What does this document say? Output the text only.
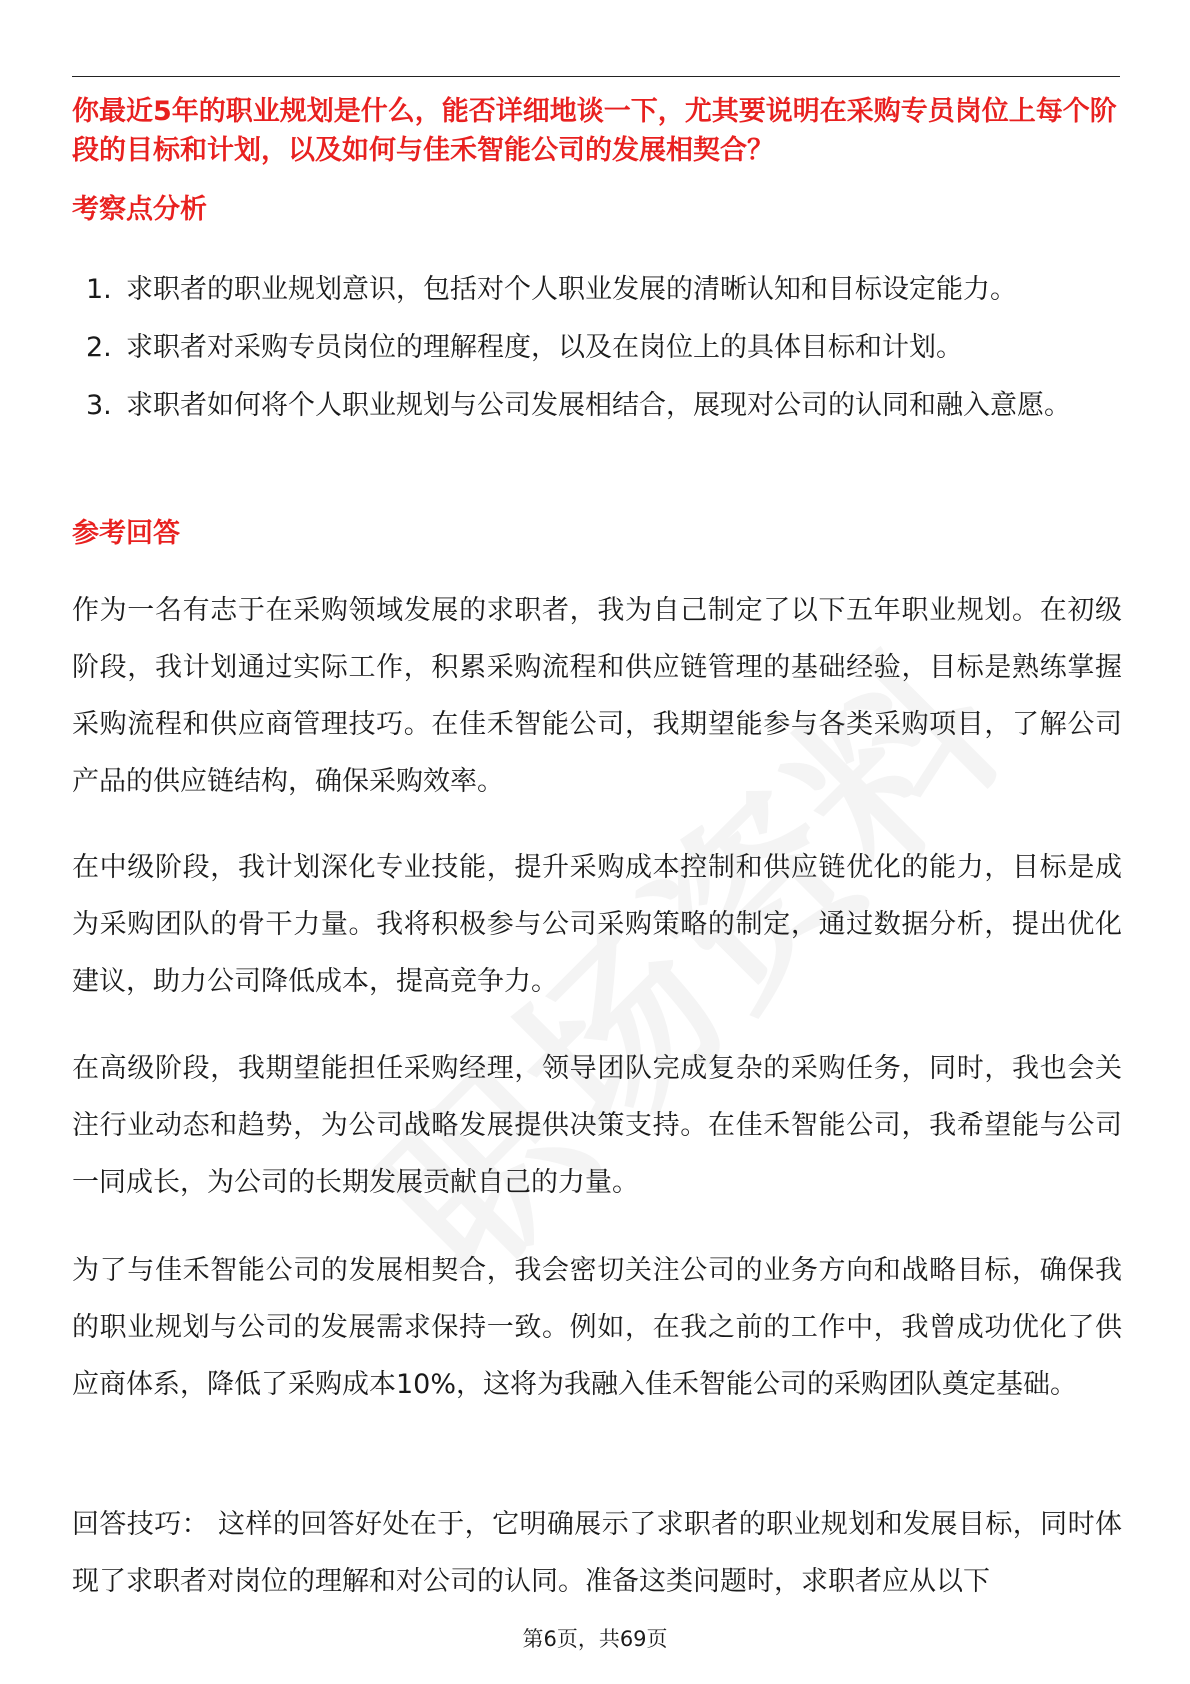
你最近5年的职业规划是什么，能否详细地谈一下，尤其要说明在采购专员岗位上每个阶段的目标和计划，以及如何与佳禾智能公司的发展相契合？

考察点分析
1. 求职者的职业规划意识，包括对个人职业发展的清晰认知和目标设定能力。
2. 求职者对采购专员岗位的理解程度，以及在岗位上的具体目标和计划。
3. 求职者如何将个人职业规划与公司发展相结合，展现对公司的认同和融入意愿。
参考回答

作为一名有志于在采购领域发展的求职者，我为自己制定了以下五年职业规划。在初级阶段，我计划通过实际工作，积累采购流程和供应链管理的基础经验，目标是熟练掌握采购流程和供应商管理技巧。在佳禾智能公司，我期望能参与各类采购项目，了解公司产品的供应链结构，确保采购效率。

在中级阶段，我计划深化专业技能，提升采购成本控制和供应链优化的能力，目标是成为采购团队的骨干力量。我将积极参与公司采购策略的制定，通过数据分析，提出优化建议，助力公司降低成本，提高竞争力。

在高级阶段，我期望能担任采购经理，领导团队完成复杂的采购任务，同时，我也会关注行业动态和趋势，为公司战略发展提供决策支持。在佳禾智能公司，我希望能与公司一同成长，为公司的长期发展贡献自己的力量。

为了与佳禾智能公司的发展相契合，我会密切关注公司的业务方向和战略目标，确保我的职业规划与公司的发展需求保持一致。例如，在我之前的工作中，我曾成功优化了供应商体系，降低了采购成本10%，这将为我融入佳禾智能公司的采购团队奠定基础。

回答技巧： 这样的回答好处在于，它明确展示了求职者的职业规划和发展目标，同时体现了求职者对岗位的理解和对公司的认同。准备这类问题时，求职者应从以下

第6页，共69页
